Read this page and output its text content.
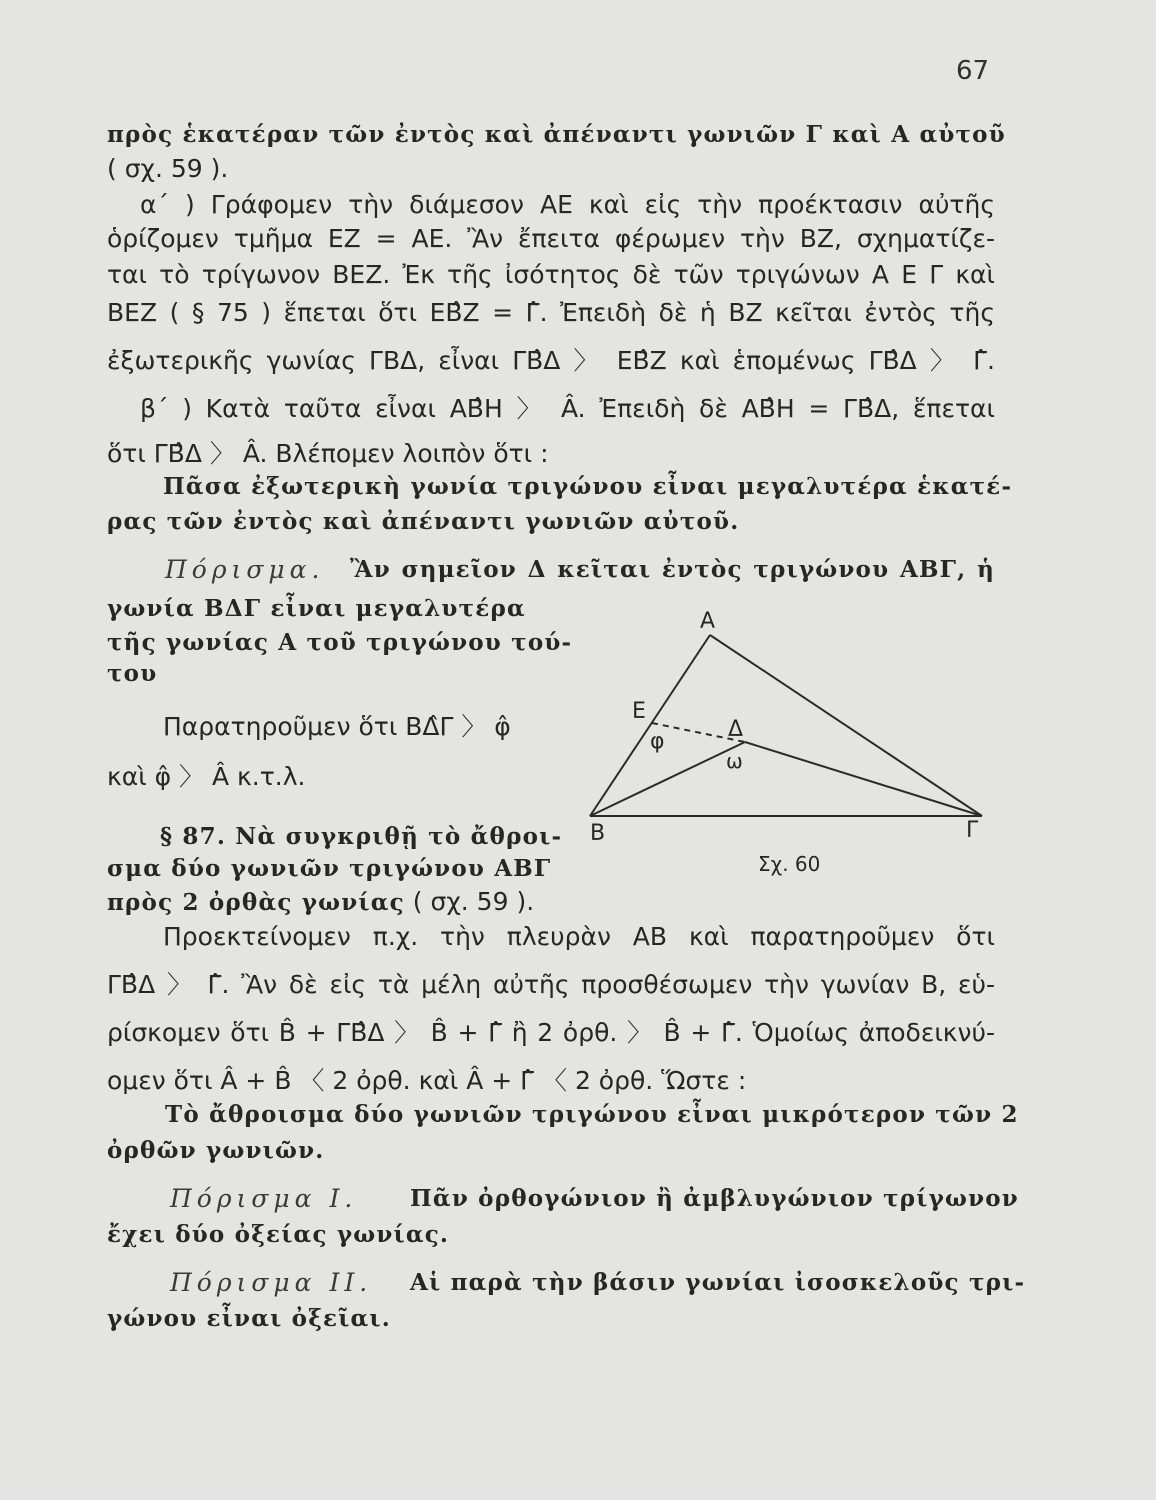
67
πρὸς ἑκατέραν τῶν ἐντὸς καὶ ἀπέναντι γωνιῶν Γ καὶ Α αὐτοῦ
( σχ. 59 ).
α΄ ) Γράφομεν τὴν διάμεσον ΑΕ καὶ εἰς τὴν προέκτασιν αὐτῆς
ὁρίζομεν τμῆμα ΕΖ = ΑΕ. Ἂν ἔπειτα φέρωμεν τὴν ΒΖ, σχηματίζε-
ται τὸ τρίγωνον ΒΕΖ. Ἐκ τῆς ἰσότητος δὲ τῶν τριγώνων Α Ε Γ καὶ
ΒΕΖ ( § 75 ) ἕπεται ὅτι ΕΒ̂Ζ = Γ̂. Ἐπειδὴ δὲ ἡ ΒΖ κεῖται ἐντὸς τῆς
ἐξωτερικῆς γωνίας ΓΒΔ, εἶναι ΓΒ̂Δ 〉 ΕΒ̂Ζ καὶ ἑπομένως ΓΒ̂Δ 〉 Γ̂.
β΄ ) Κατὰ ταῦτα εἶναι ΑΒ̂Η 〉 Â. Ἐπειδὴ δὲ ΑΒ̂Η = ΓΒ̂Δ, ἕπεται
ὅτι ΓΒ̂Δ 〉 Â. Βλέπομεν λοιπὸν ὅτι :
Πᾶσα ἐξωτερικὴ γωνία τριγώνου εἶναι μεγαλυτέρα ἑκατέ-
ρας τῶν ἐντὸς καὶ ἀπέναντι γωνιῶν αὐτοῦ.
Πόρισμα.	Ἂν σημεῖον Δ κεῖται ἐντὸς τριγώνου ΑΒΓ, ἡ
γωνία ΒΔΓ εἶναι μεγαλυτέρα
τῆς γωνίας Α τοῦ τριγώνου τού-
του
Παρατηροῦμεν ὅτι ΒΔ̂Γ 〉 φ̂
καὶ φ̂ 〉 Â κ.τ.λ.
§ 87. Νὰ συγκριθῇ τὸ ἄθροι-
σμα δύο γωνιῶν τριγώνου ΑΒΓ
πρὸς 2 ὀρθὰς γωνίας ( σχ. 59 ).
Προεκτείνομεν π.χ. τὴν πλευρὰν ΑΒ καὶ παρατηροῦμεν ὅτι
ΓΒ̂Δ 〉 Γ̂. Ἂν δὲ εἰς τὰ μέλη αὐτῆς προσθέσωμεν τὴν γωνίαν Β, εὑ-
ρίσκομεν ὅτι B̂ + ΓΒ̂Δ 〉 B̂ + Γ̂ ἢ 2 ὀρθ. 〉 B̂ + Γ̂. Ὁμοίως ἀποδεικνύ-
ομεν ὅτι Â + B̂ 〈 2 ὀρθ. καὶ Â + Γ̂ 〈 2 ὀρθ. Ὥστε :
Τὸ ἄθροισμα δύο γωνιῶν τριγώνου εἶναι μικρότερον τῶν 2
ὀρθῶν γωνιῶν.
Πόρισμα Ι.	Πᾶν ὀρθογώνιον ἢ ἀμβλυγώνιον τρίγωνον
ἔχει δύο ὀξείας γωνίας.
Πόρισμα ΙΙ.	Αἱ παρὰ τὴν βάσιν γωνίαι ἰσοσκελοῦς τρι-
γώνου εἶναι ὀξεῖαι.
Α
Ε
Δ
φ
ω
Β	Γ
Σχ. 60
